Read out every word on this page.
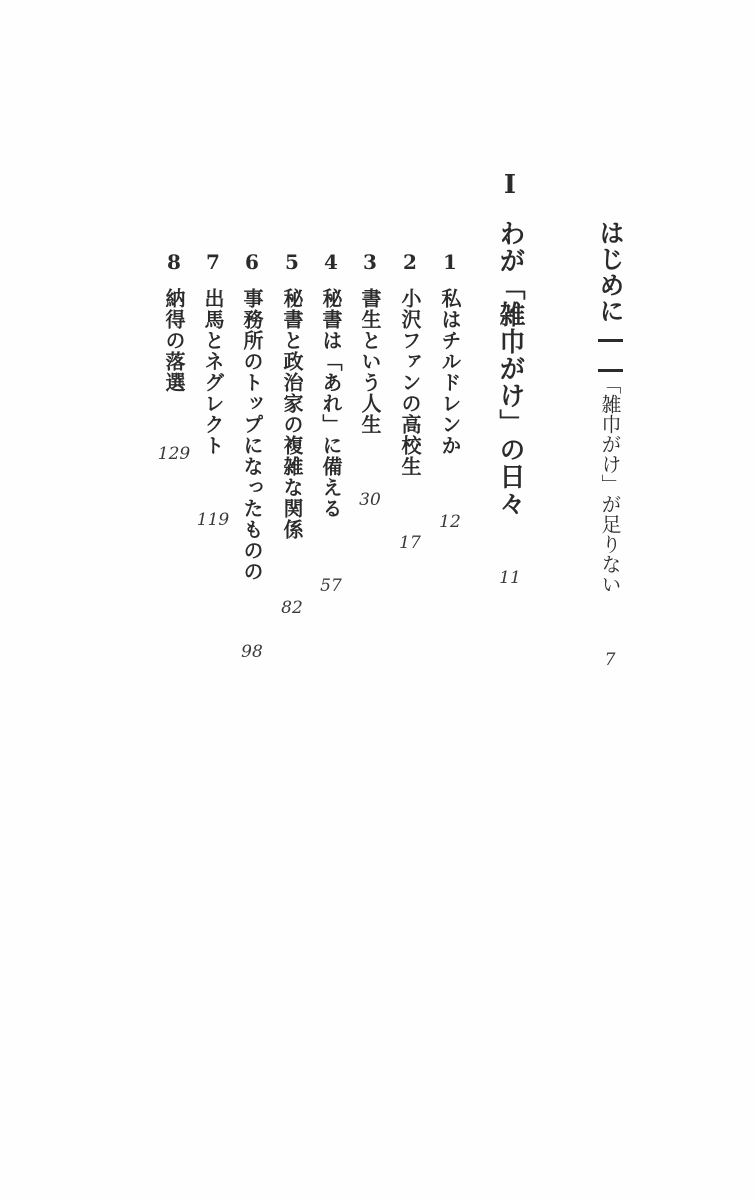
はじめに――
「雑巾がけ」が足りない
7
Ⅰ
わが「雑巾がけ」の日々
11
1
私はチルドレンか
12
2
小沢ファンの高校生
17
3
書生という人生
30
4
秘書は「あれ」に備える
57
5
秘書と政治家の複雑な関係
82
6
事務所のトップになったものの
98
7
出馬とネグレクト
119
8
納得の落選
129
